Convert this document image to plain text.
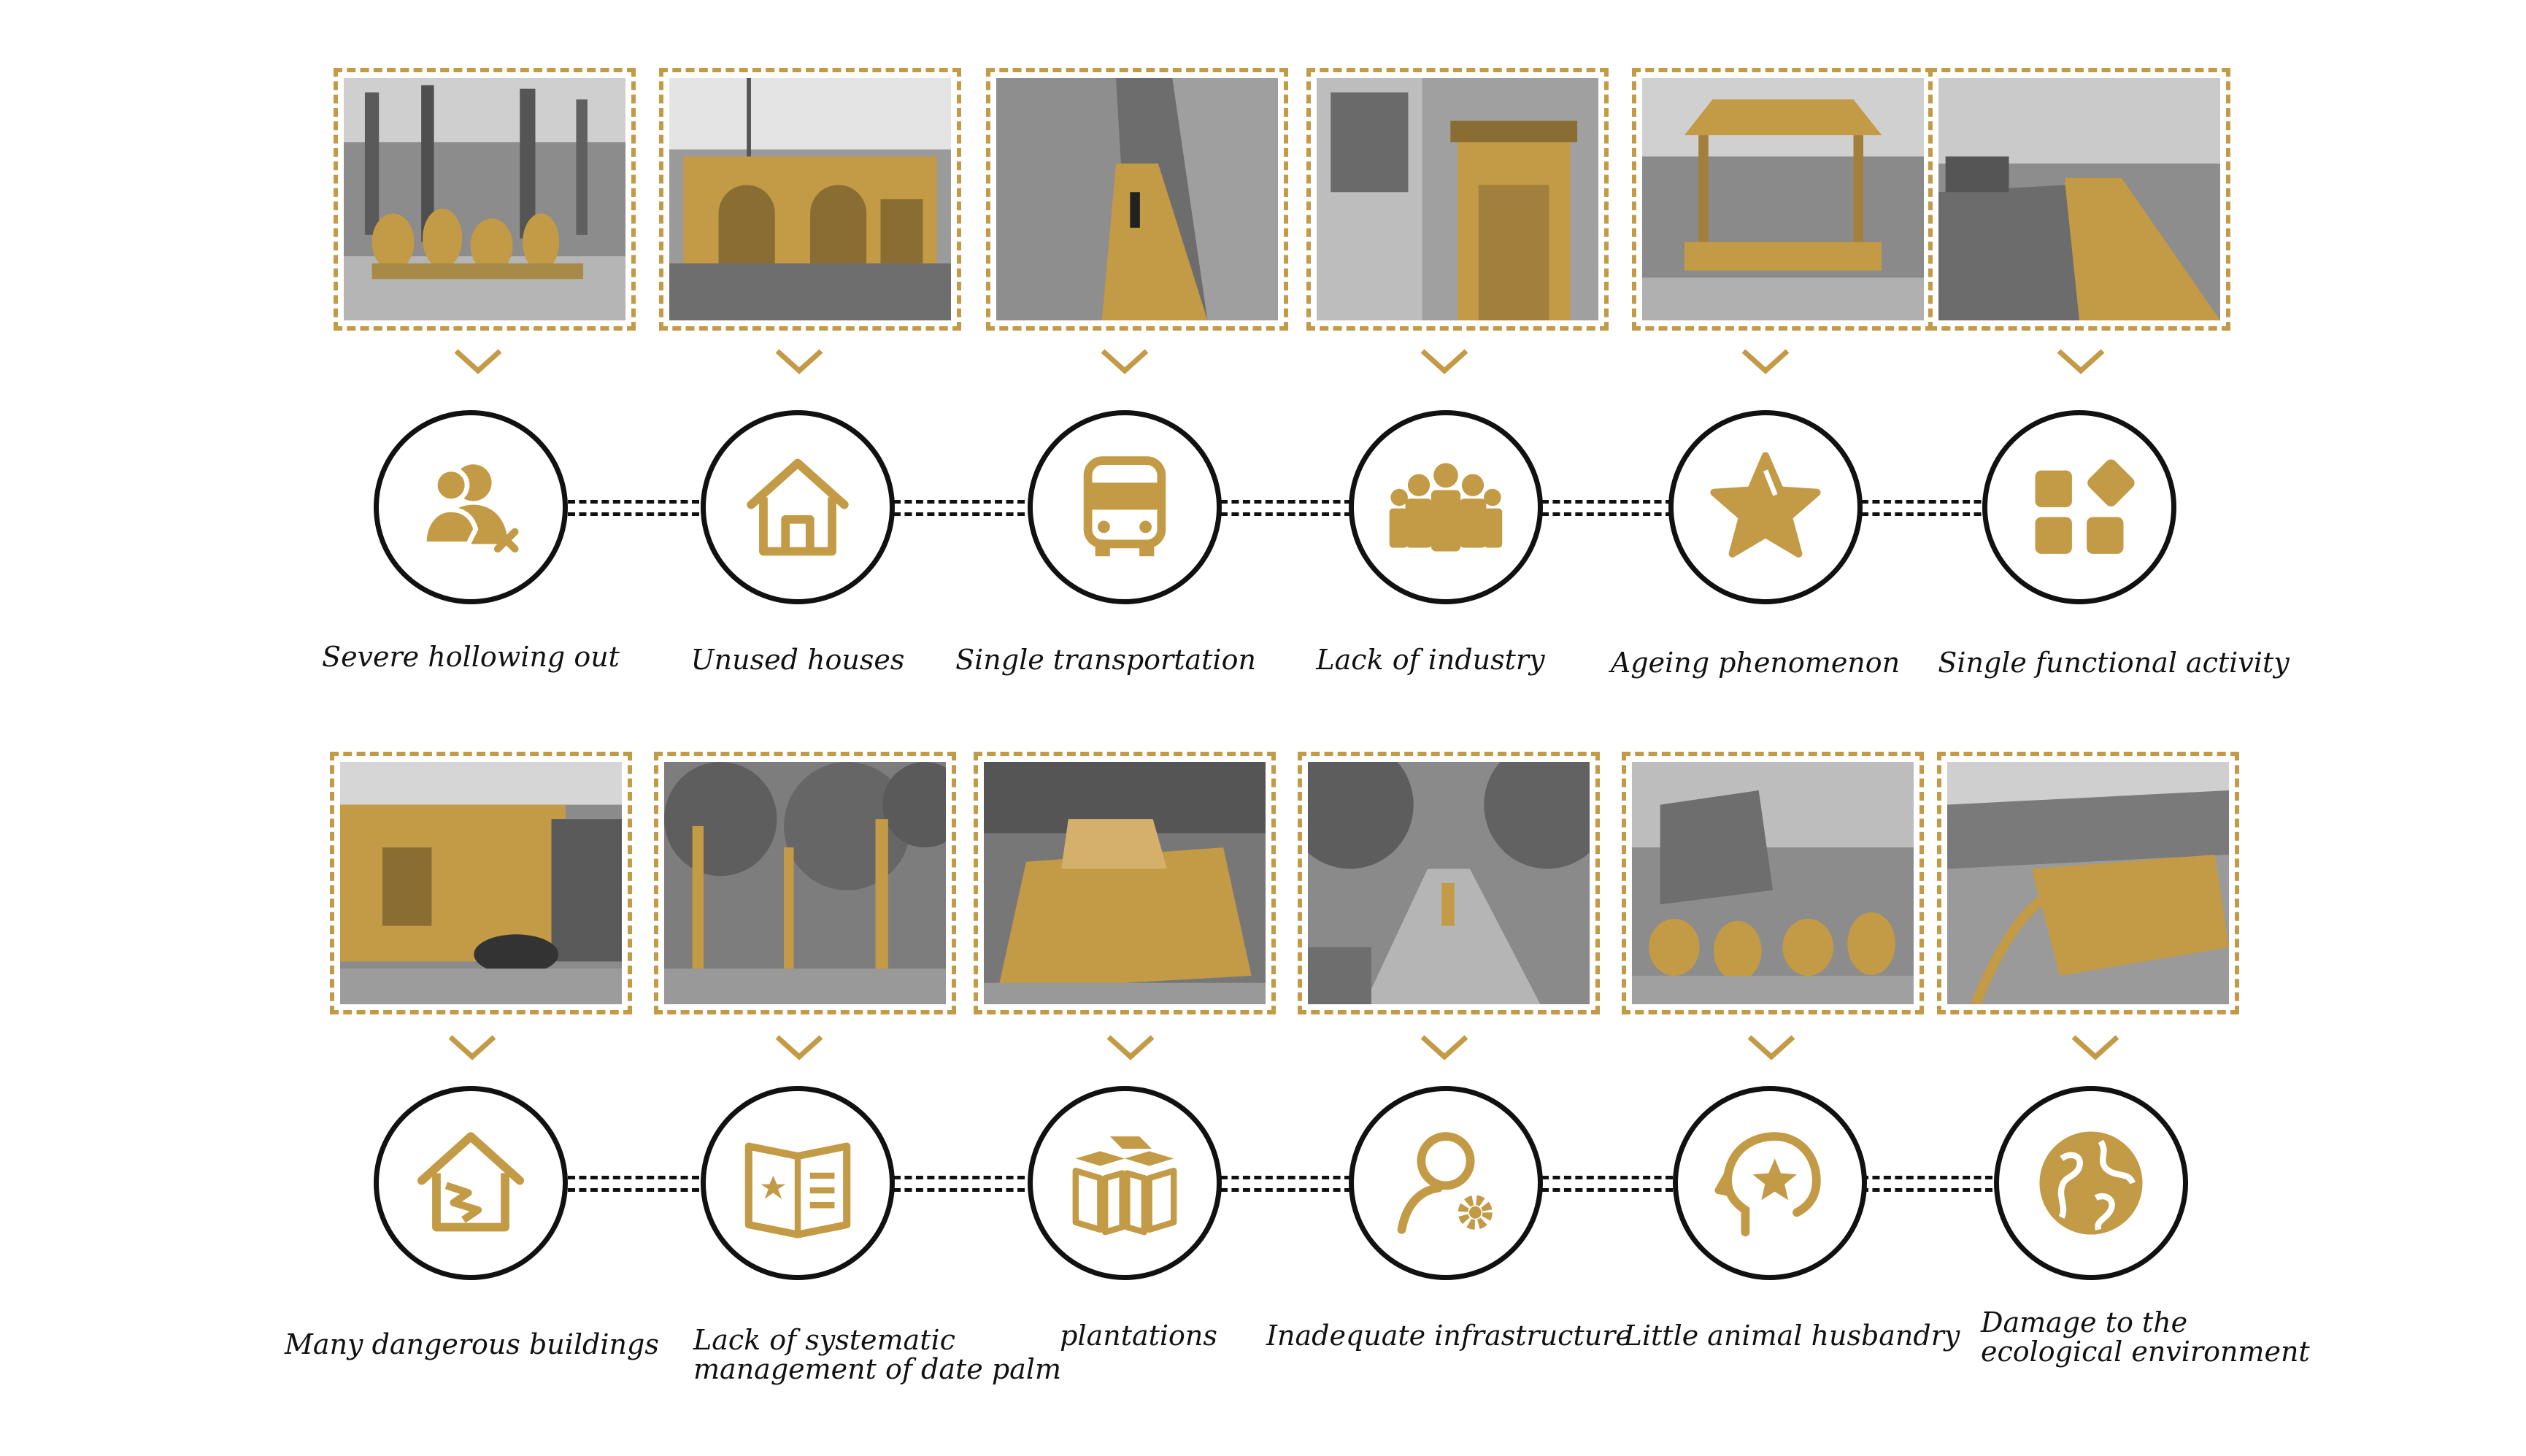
Severe hollowing out	Unused houses	Single transportation	Lack of industry	Ageing phenomenon	Single functional activity
Many dangerous buildings Lack of systematic
management of date palm
plantations	Inadequate infrastructure
Little animal husbandry Damage to the
ecological environment
